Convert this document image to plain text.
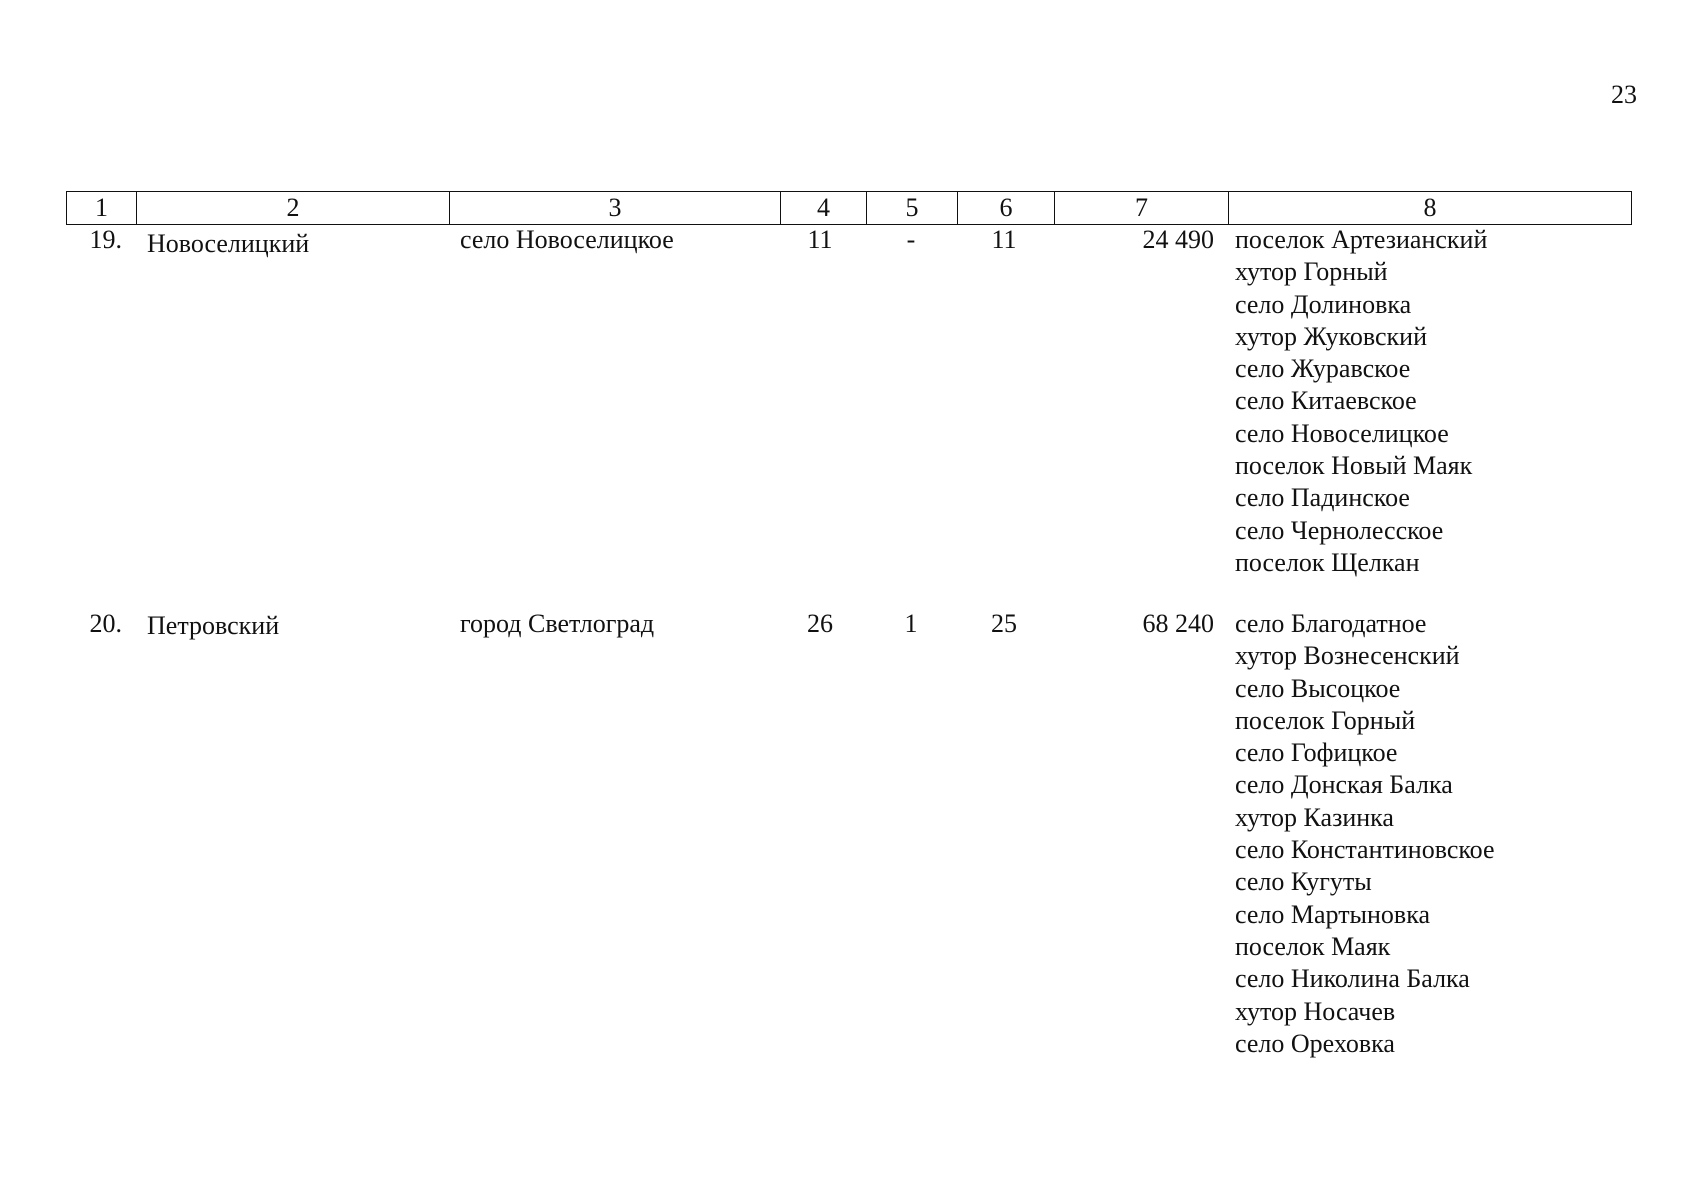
23
1	2	3	4	5	6	7	8
19. Новоселицкий	село Новоселицкое	11	-	11	24 490 поселок Артезианский
хутор Горный
село Долиновка
хутор Жуковский
село Журавское
село Китаевское
село Новоселицкое
поселок Новый Маяк
село Падинское
село Чернолесское
поселок Щелкан
20. Петровский	город Светлоград	26	1	25	68 240 село Благодатное
хутор Вознесенский
село Высоцкое
поселок Горный
село Гофицкое
село Донская Балка
хутор Казинка
село Константиновское
село Кугуты
село Мартыновка
поселок Маяк
село Николина Балка
хутор Носачев
село Ореховка
